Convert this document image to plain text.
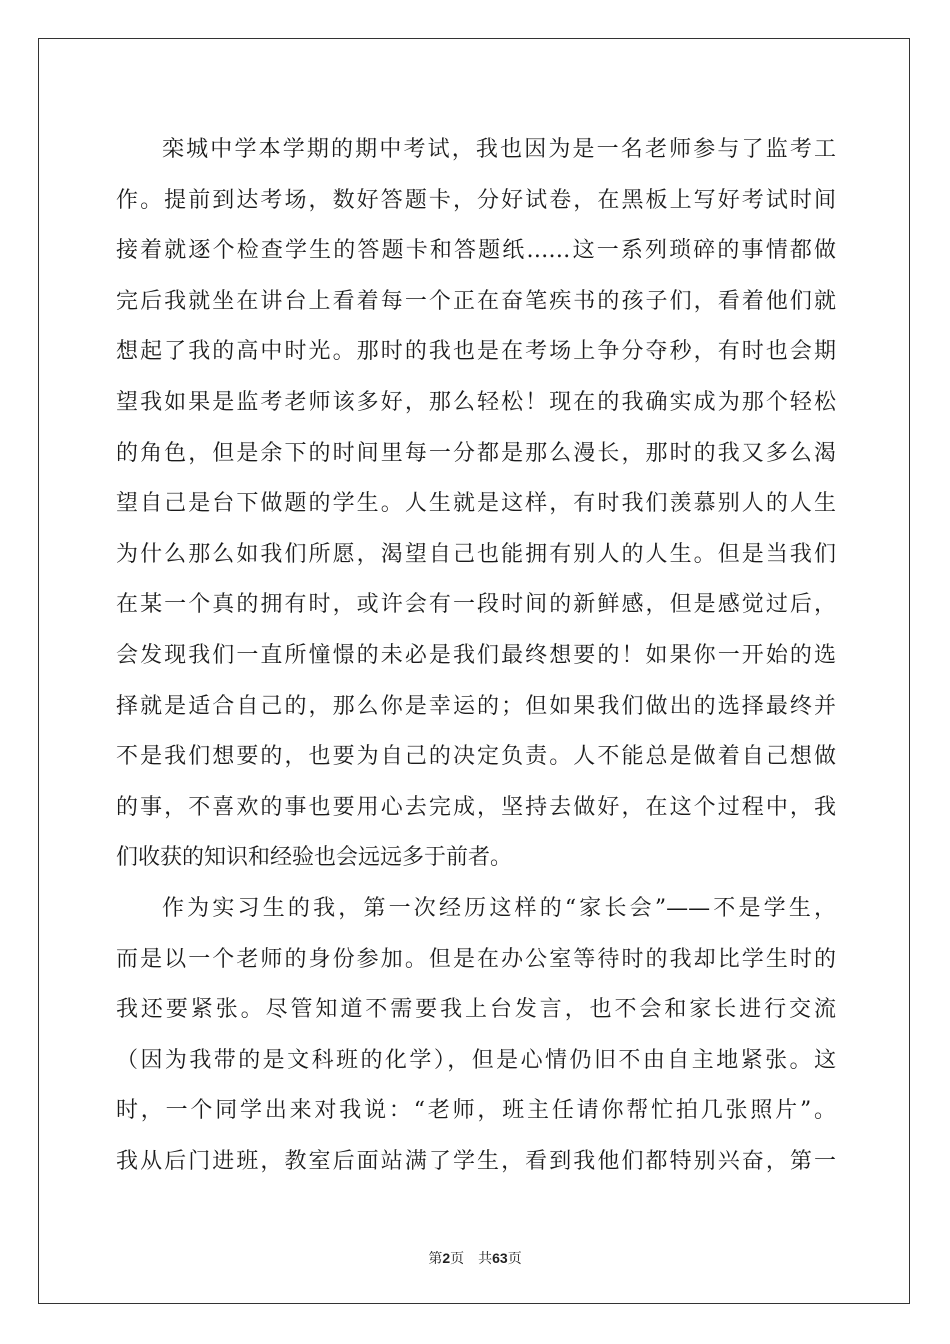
栾城中学本学期的期中考试，我也因为是一名老师参与了监考工
作。提前到达考场，数好答题卡，分好试卷，在黑板上写好考试时间
接着就逐个检查学生的答题卡和答题纸……这一系列琐碎的事情都做
完后我就坐在讲台上看着每一个正在奋笔疾书的孩子们，看着他们就
想起了我的高中时光。那时的我也是在考场上争分夺秒，有时也会期
望我如果是监考老师该多好，那么轻松！现在的我确实成为那个轻松
的角色，但是余下的时间里每一分都是那么漫长，那时的我又多么渴
望自己是台下做题的学生。人生就是这样，有时我们羡慕别人的人生
为什么那么如我们所愿，渴望自己也能拥有别人的人生。但是当我们
在某一个真的拥有时，或许会有一段时间的新鲜感，但是感觉过后，
会发现我们一直所憧憬的未必是我们最终想要的！如果你一开始的选
择就是适合自己的，那么你是幸运的；但如果我们做出的选择最终并
不是我们想要的，也要为自己的决定负责。人不能总是做着自己想做
的事，不喜欢的事也要用心去完成，坚持去做好，在这个过程中，我
们收获的知识和经验也会远远多于前者。
作为实习生的我，第一次经历这样的“家长会”——不是学生，
而是以一个老师的身份参加。但是在办公室等待时的我却比学生时的
我还要紧张。尽管知道不需要我上台发言，也不会和家长进行交流
（因为我带的是文科班的化学），但是心情仍旧不由自主地紧张。这
时，一个同学出来对我说：“老师，班主任请你帮忙拍几张照片”。
我从后门进班，教室后面站满了学生，看到我他们都特别兴奋，第一
第2页 共63页
